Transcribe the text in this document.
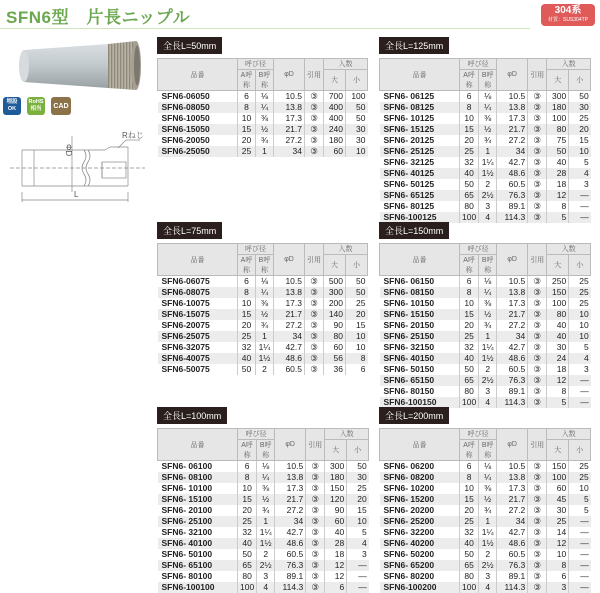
SFN6型　片長ニップル	304系
材質：SUS304TP
埋設
OK
RoHS
相当	CAD
ΦD
Rねじ
L
全長L=50mm
品番	呼び径		φD	引用	入数	
	A呼称	B呼称			大	小
SFN6-06050	6	⅛	10.5	③	700	100
SFN6-08050	8	¼	13.8	③	400	50
SFN6-10050	10	⅜	17.3	③	400	50
SFN6-15050	15	½	21.7	③	240	30
SFN6-20050	20	¾	27.2	③	180	30
SFN6-25050	25	1	34	③	60	10
全長L=125mm
品番	呼び径		φD	引用	入数	
	A呼称	B呼称			大	小
SFN6- 06125	6	⅛	10.5	③	300	50
SFN6- 08125	8	¼	13.8	③	180	30
SFN6- 10125	10	⅜	17.3	③	100	25
SFN6- 15125	15	½	21.7	③	80	20
SFN6- 20125	20	¾	27.2	③	75	15
SFN6- 25125	25	1	34	③	50	10
SFN6- 32125	32	1¼	42.7	③	40	5
SFN6- 40125	40	1½	48.6	③	28	4
SFN6- 50125	50	2	60.5	③	18	3
SFN6- 65125	65	2½	76.3	③	12	—
SFN6- 80125	80	3	89.1	③	8	—
SFN6-100125	100	4	114.3	③	5	—
全長L=75mm
品番	呼び径		φD	引用	入数	
	A呼称	B呼称			大	小
SFN6-06075	6	⅛	10.5	③	500	50
SFN6-08075	8	¼	13.8	③	300	50
SFN6-10075	10	⅜	17.3	③	200	25
SFN6-15075	15	½	21.7	③	140	20
SFN6-20075	20	¾	27.2	③	90	15
SFN6-25075	25	1	34	③	80	10
SFN6-32075	32	1¼	42.7	③	60	10
SFN6-40075	40	1½	48.6	③	56	8
SFN6-50075	50	2	60.5	③	36	6
全長L=150mm
品番	呼び径		φD	引用	入数	
	A呼称	B呼称			大	小
SFN6- 06150	6	⅛	10.5	③	250	25
SFN6- 08150	8	¼	13.8	③	150	25
SFN6- 10150	10	⅜	17.3	③	100	25
SFN6- 15150	15	½	21.7	③	80	10
SFN6- 20150	20	¾	27.2	③	40	10
SFN6- 25150	25	1	34	③	40	10
SFN6- 32150	32	1¼	42.7	③	30	5
SFN6- 40150	40	1½	48.6	③	24	4
SFN6- 50150	50	2	60.5	③	18	3
SFN6- 65150	65	2½	76.3	③	12	—
SFN6- 80150	80	3	89.1	③	8	—
SFN6-100150	100	4	114.3	③	5	—
全長L=100mm
品番	呼び径		φD	引用	入数	
	A呼称	B呼称			大	小
SFN6- 06100	6	⅛	10.5	③	300	50
SFN6- 08100	8	¼	13.8	③	180	30
SFN6- 10100	10	⅜	17.3	③	150	25
SFN6- 15100	15	½	21.7	③	120	20
SFN6- 20100	20	¾	27.2	③	90	15
SFN6- 25100	25	1	34	③	60	10
SFN6- 32100	32	1¼	42.7	③	40	5
SFN6- 40100	40	1½	48.6	③	28	4
SFN6- 50100	50	2	60.5	③	18	3
SFN6- 65100	65	2½	76.3	③	12	—
SFN6- 80100	80	3	89.1	③	12	—
SFN6-100100	100	4	114.3	③	6	—
全長L=200mm
品番	呼び径		φD	引用	入数	
	A呼称	B呼称			大	小
SFN6- 06200	6	⅛	10.5	③	150	25
SFN6- 08200	8	¼	13.8	③	100	25
SFN6- 10200	10	⅜	17.3	③	60	10
SFN6- 15200	15	½	21.7	③	45	5
SFN6- 20200	20	¾	27.2	③	30	5
SFN6- 25200	25	1	34	③	25	—
SFN6- 32200	32	1¼	42.7	③	14	—
SFN6- 40200	40	1½	48.6	③	12	—
SFN6- 50200	50	2	60.5	③	10	—
SFN6- 65200	65	2½	76.3	③	8	—
SFN6- 80200	80	3	89.1	③	6	—
SFN6-100200	100	4	114.3	③	3	—
